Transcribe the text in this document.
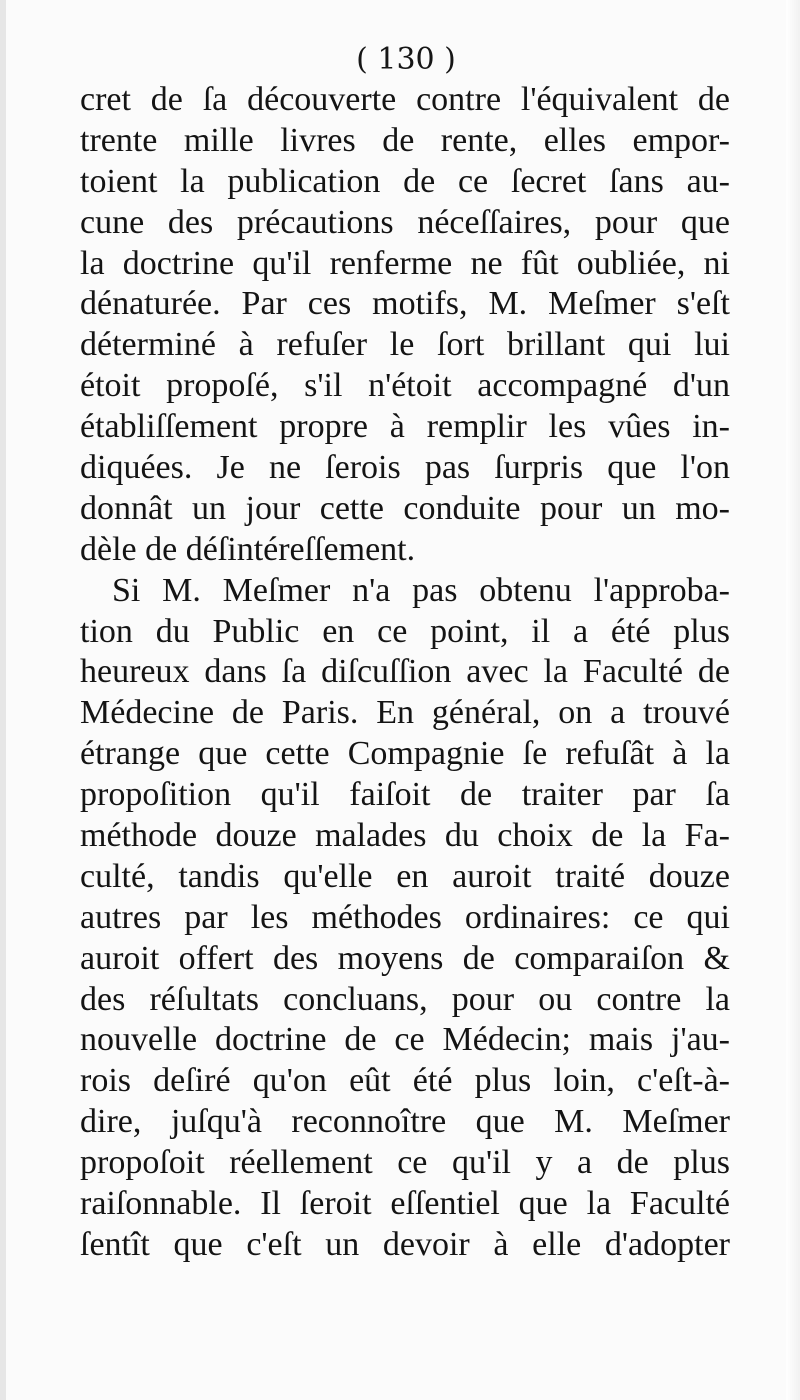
( 130 )
cret de ſa découverte contre l'équivalent de
trente mille livres de rente, elles empor-
toient la publication de ce ſecret ſans au-
cune des précautions néceſſaires, pour que
la doctrine qu'il renferme ne fût oubliée, ni
dénaturée. Par ces motifs, M. Meſmer s'eſt
déterminé à refuſer le ſort brillant qui lui
étoit propoſé, s'il n'étoit accompagné d'un
établiſſement propre à remplir les vûes in-
diquées. Je ne ſerois pas ſurpris que l'on
donnât un jour cette conduite pour un mo-
dèle de déſintéreſſement.
Si M. Meſmer n'a pas obtenu l'approba-
tion du Public en ce point, il a été plus
heureux dans ſa diſcuſſion avec la Faculté de
Médecine de Paris. En général, on a trouvé
étrange que cette Compagnie ſe refuſât à la
propoſition qu'il faiſoit de traiter par ſa
méthode douze malades du choix de la Fa-
culté, tandis qu'elle en auroit traité douze
autres par les méthodes ordinaires: ce qui
auroit offert des moyens de comparaiſon &
des réſultats concluans, pour ou contre la
nouvelle doctrine de ce Médecin; mais j'au-
rois deſiré qu'on eût été plus loin, c'eſt-à-
dire, juſqu'à reconnoître que M. Meſmer
propoſoit réellement ce qu'il y a de plus
raiſonnable. Il ſeroit eſſentiel que la Faculté
ſentît que c'eſt un devoir à elle d'adopter
